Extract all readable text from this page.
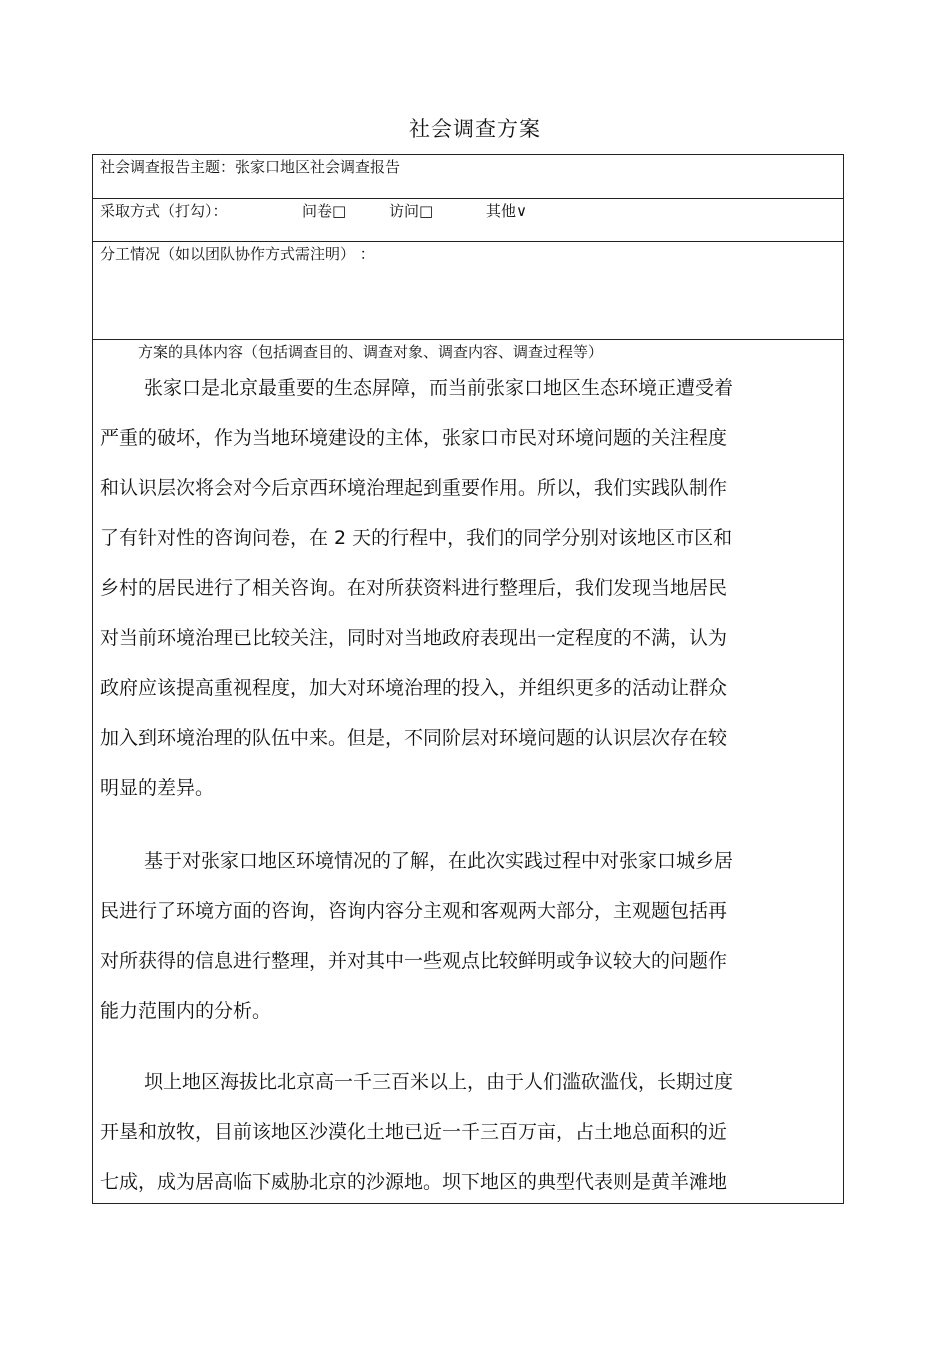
社会调查方案
社会调查报告主题：张家口地区社会调查报告
采取方式（打勾）：	问卷□	访问□	其他∨
分工情况（如以团队协作方式需注明） ：
方案的具体内容（包括调查目的、调查对象、调查内容、调查过程等）
张家口是北京最重要的生态屏障，而当前张家口地区生态环境正遭受着
严重的破坏，作为当地环境建设的主体，张家口市民对环境问题的关注程度
和认识层次将会对今后京西环境治理起到重要作用。所以，我们实践队制作
了有针对性的咨询问卷，在 2 天的行程中，我们的同学分别对该地区市区和
乡村的居民进行了相关咨询。在对所获资料进行整理后，我们发现当地居民
对当前环境治理已比较关注，同时对当地政府表现出一定程度的不满，认为
政府应该提高重视程度，加大对环境治理的投入，并组织更多的活动让群众
加入到环境治理的队伍中来。但是，不同阶层对环境问题的认识层次存在较
明显的差异。
基于对张家口地区环境情况的了解，在此次实践过程中对张家口城乡居
民进行了环境方面的咨询，咨询内容分主观和客观两大部分，主观题包括再
对所获得的信息进行整理，并对其中一些观点比较鲜明或争议较大的问题作
能力范围内的分析。
坝上地区海拔比北京高一千三百米以上，由于人们滥砍滥伐，长期过度
开垦和放牧，目前该地区沙漠化土地已近一千三百万亩，占土地总面积的近
七成，成为居高临下威胁北京的沙源地。坝下地区的典型代表则是黄羊滩地
